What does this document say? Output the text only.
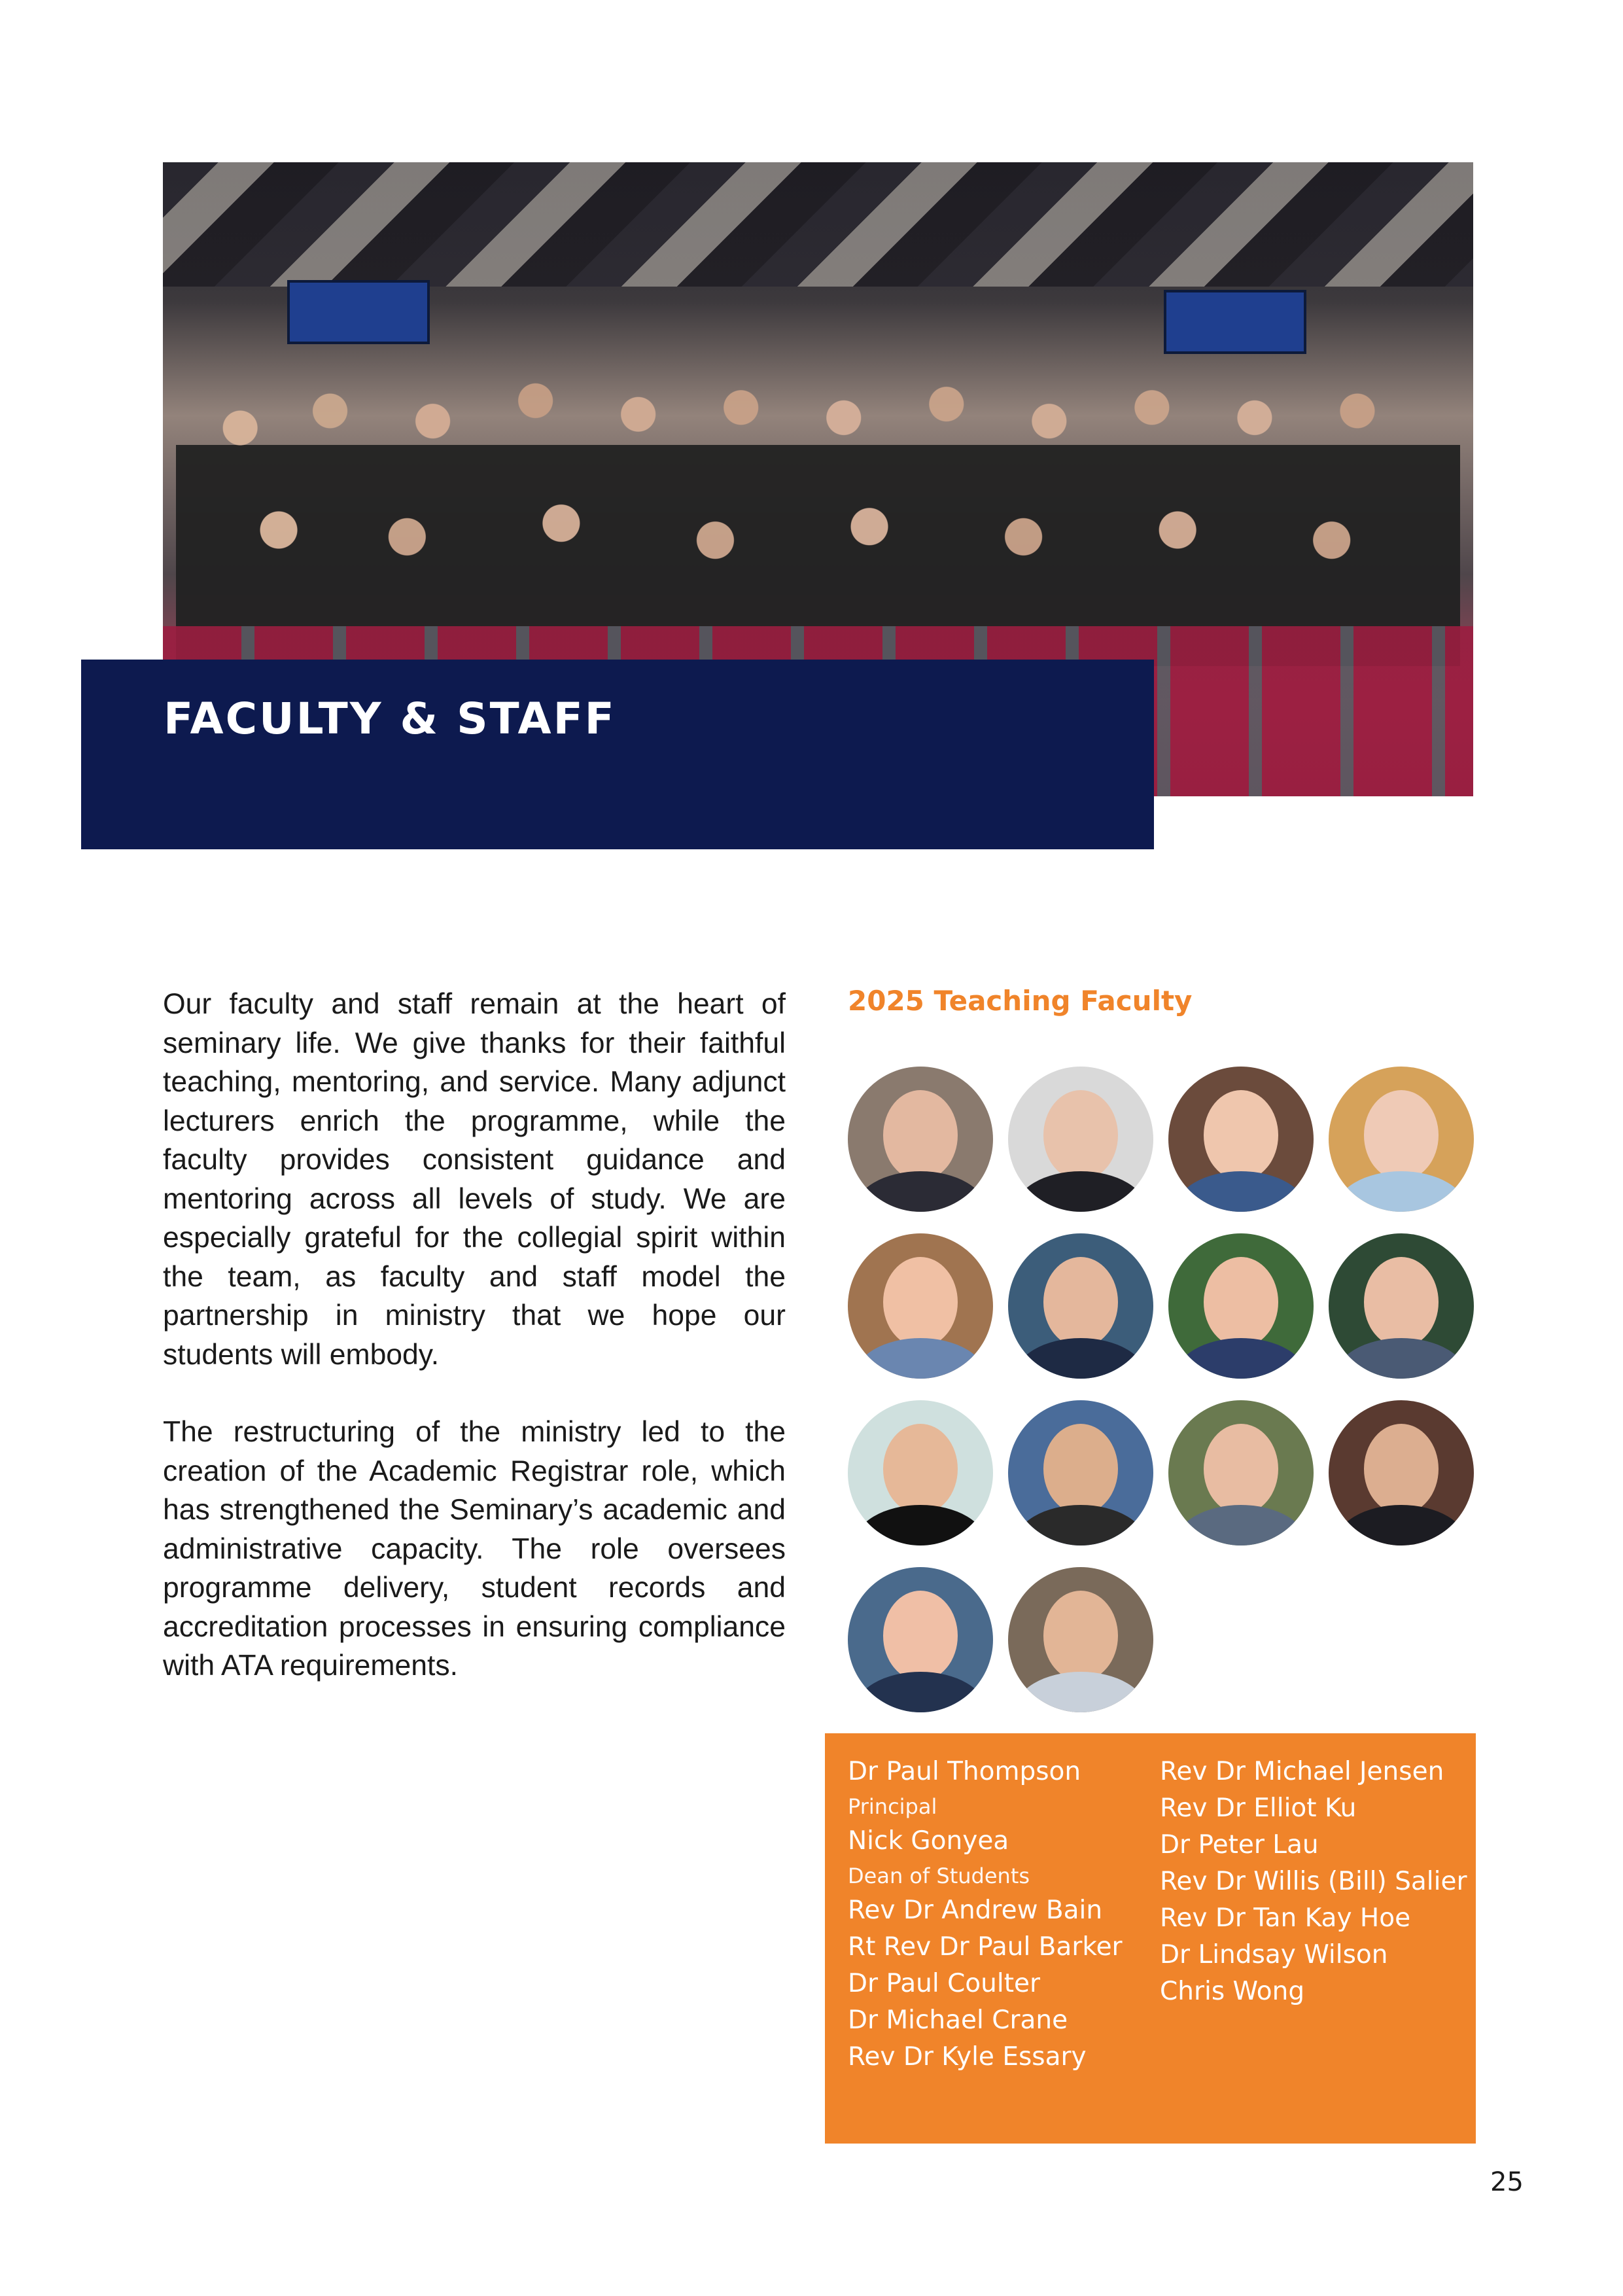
FACULTY & STAFF

Our faculty and staff remain at the heart of seminary life. We give thanks for their faithful teaching, mentoring, and service. Many adjunct lecturers enrich the programme, while the faculty provides consistent guidance and mentoring across all levels of study. We are especially grateful for the collegial spirit within the team, as faculty and staff model the partnership in ministry that we hope our students will embody.

The restructuring of the ministry led to the creation of the Academic Registrar role, which has strengthened the Seminary’s academic and administrative capacity. The role oversees programme delivery, student records and accreditation processes in ensuring compliance with ATA requirements.

2025 Teaching Faculty
Dr Paul Thompson
Principal
Nick Gonyea
Dean of Students
Rev Dr Andrew Bain
Rt Rev Dr Paul Barker
Dr Paul Coulter
Dr Michael Crane
Rev Dr Kyle Essary
Rev Dr Michael Jensen
Rev Dr Elliot Ku
Dr Peter Lau
Rev Dr Willis (Bill) Salier
Rev Dr Tan Kay Hoe
Dr Lindsay Wilson
Chris Wong
25
